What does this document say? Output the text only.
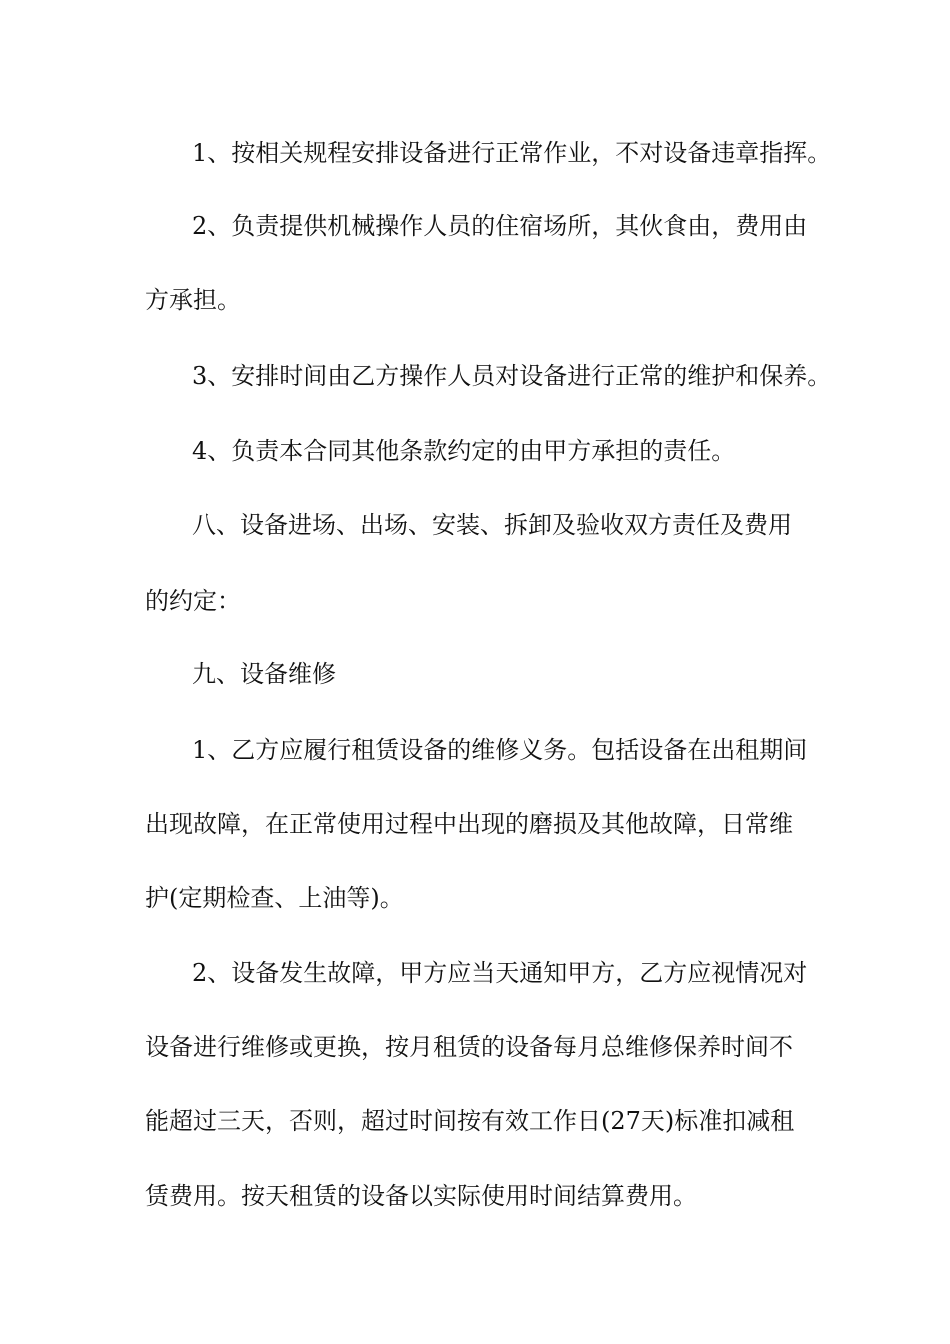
1、按相关规程安排设备进行正常作业，不对设备违章指挥。
2、负责提供机械操作人员的住宿场所，其伙食由，费用由
方承担。
3、安排时间由乙方操作人员对设备进行正常的维护和保养。
4、负责本合同其他条款约定的由甲方承担的责任。
八、设备进场、出场、安装、拆卸及验收双方责任及费用
的约定：
九、设备维修
1、乙方应履行租赁设备的维修义务。包括设备在出租期间
出现故障，在正常使用过程中出现的磨损及其他故障，日常维
护(定期检查、上油等)。
2、设备发生故障，甲方应当天通知甲方，乙方应视情况对
设备进行维修或更换，按月租赁的设备每月总维修保养时间不
能超过三天，否则，超过时间按有效工作日(27天)标准扣减租
赁费用。按天租赁的设备以实际使用时间结算费用。
